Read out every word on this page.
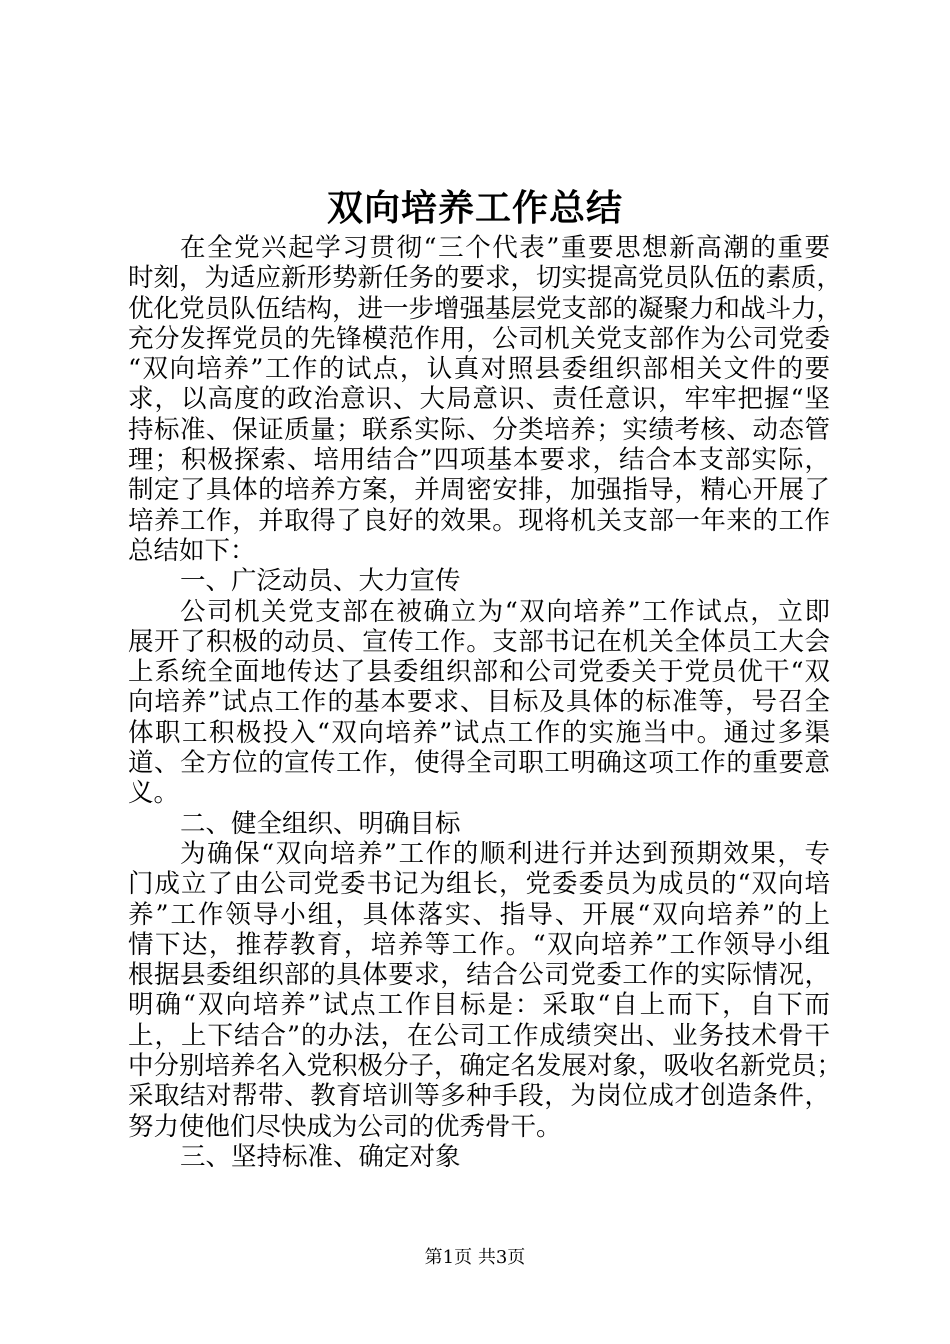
双向培养工作总结
在全党兴起学习贯彻“三个代表”重要思想新高潮的重要
时刻，为适应新形势新任务的要求，切实提高党员队伍的素质，
优化党员队伍结构，进一步增强基层党支部的凝聚力和战斗力，
充分发挥党员的先锋模范作用，公司机关党支部作为公司党委
“双向培养”工作的试点，认真对照县委组织部相关文件的要
求，以高度的政治意识、大局意识、责任意识，牢牢把握“坚
持标准、保证质量；联系实际、分类培养；实绩考核、动态管
理；积极探索、培用结合”四项基本要求，结合本支部实际，
制定了具体的培养方案，并周密安排，加强指导，精心开展了
培养工作，并取得了良好的效果。现将机关支部一年来的工作
总结如下：
一、广泛动员、大力宣传
公司机关党支部在被确立为“双向培养”工作试点，立即
展开了积极的动员、宣传工作。支部书记在机关全体员工大会
上系统全面地传达了县委组织部和公司党委关于党员优干“双
向培养”试点工作的基本要求、目标及具体的标准等，号召全
体职工积极投入“双向培养”试点工作的实施当中。通过多渠
道、全方位的宣传工作，使得全司职工明确这项工作的重要意
义。
二、健全组织、明确目标
为确保“双向培养”工作的顺利进行并达到预期效果，专
门成立了由公司党委书记为组长，党委委员为成员的“双向培
养”工作领导小组，具体落实、指导、开展“双向培养”的上
情下达，推荐教育，培养等工作。“双向培养”工作领导小组
根据县委组织部的具体要求，结合公司党委工作的实际情况，
明确“双向培养”试点工作目标是：采取“自上而下，自下而
上，上下结合”的办法，在公司工作成绩突出、业务技术骨干
中分别培养名入党积极分子，确定名发展对象，吸收名新党员；
采取结对帮带、教育培训等多种手段，为岗位成才创造条件，
努力使他们尽快成为公司的优秀骨干。
三、坚持标准、确定对象
第1页 共3页
